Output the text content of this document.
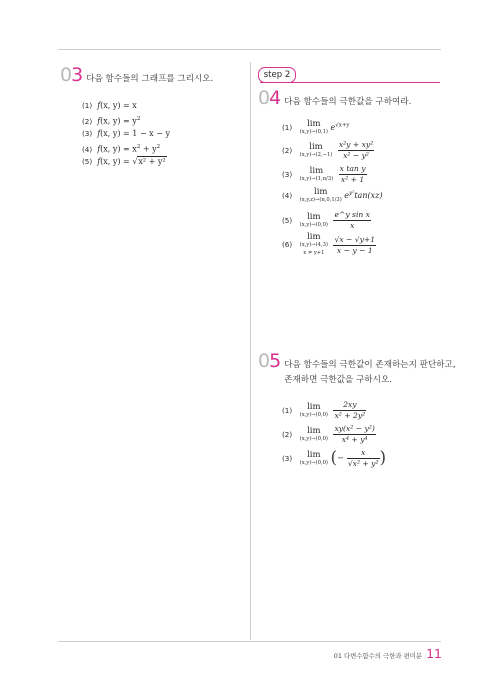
03 다음 함수들의 그래프를 그리시오.
(1) f(x, y) = x
(2) f(x, $y) = y^2$
(3) f(x, y) = 1 − x − y
(4) f(x, $y) = x^2 + y^2$
(5) f(x, y) = √x² + y²
step 2
04 다음 함수들의 극한값을 구하여라.
(1)	lim
(x,y)→(0,1) $e^{√x+y}$
(2)	lim
(x,y)→(2,−1)
$\frac{\text{x²y + xy²}}{\text{x² − y²}}$
(3)	lim
(x,y)→(1,π/3)
$\frac{\text{x tan y}}{\text{x² + 1}}$
(4)	lim
(x,y,z)→(π,0,1/3) $e^{y^2}\tan(xz)$
(5)	lim
(x,y)→(0,0)
$\frac{\text{e\textasciicircum{}y sin x}}{x}$
(6)
lim
(x,y)→(4,3)
x ≠ y+1
	$\frac{√x - √y+1}{x - y - 1}$
05 다음 함수들의 극한값이 존재하는지 판단하고,
존재하면 극한값을 구하시오.
(1)	lim
(x,y)→(0,0)
$\frac{2xy}{\text{x² + 2y²}}$
(2)	lim
(x,y)→(0,0)
$\frac{\text{xy(x² − y²)}}{\text{x⁴ + y⁴}}$
(3)	lim
(x,y)→(0,0) (− $\frac{x}{\text{√x² + y²}}$ )
01 다변수함수의 극한과 편미분 11
